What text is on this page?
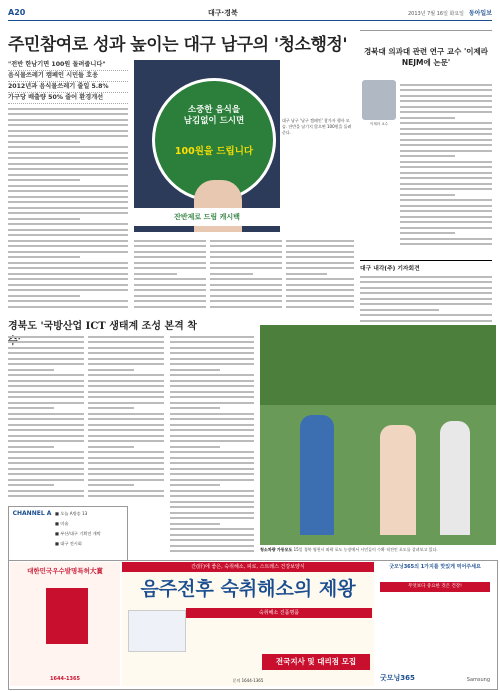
A20	대구·경북	2013년 7월 16일 화요일 동아일보
주민참여로 성과 높이는 대구 남구의 '청소행정'
"전반 한남기면 100원 돌려줍니다"
음식물쓰레기 캠페인 시민들 호응
2012년과 음식물쓰레기 줄일 5.8%
가구당 배출량 50% 줄어 환경개선
소중한 음식을
남김없이 드시면
100원을 드립니다
잔반제로 드림 캐시백
대구 남구 '남구 캠페인' 참가자 행사 모습. 잔반을 남기지 않으면 100원을 돌려준다.
경북대 의과대 관련 연구 교수 '이제라 NEJM에 논문'
이제라 교수
대구 내각(주) 기자회견
경북도 '국방산업 ICT 생태계 조성 본격 착
청소차량 가동모도 15일 경북 영천시 외곽 포도 농장에서 시민들이 수확 직전인 포도를 살펴보고 있다.
CHANNEL A ■ 오늘 A방송 13
■ 미술
■ 부산/대구 기획전 개막
■ 대구 전시회
대한민국우수발명특허大賞
1644-1365
간(肝)에 좋은, 숙취해소, 피로, 스트레스 건강보양식
음주전후 숙취해소의 제왕
숙취해소 진품명품
전국지사 및 대리점 모집
문의 1644-1365
굿모닝365의 1가지를 맛있게 먹어주세요
무엇보다 중요한 것은 건강!
굿모닝365	Samsung
